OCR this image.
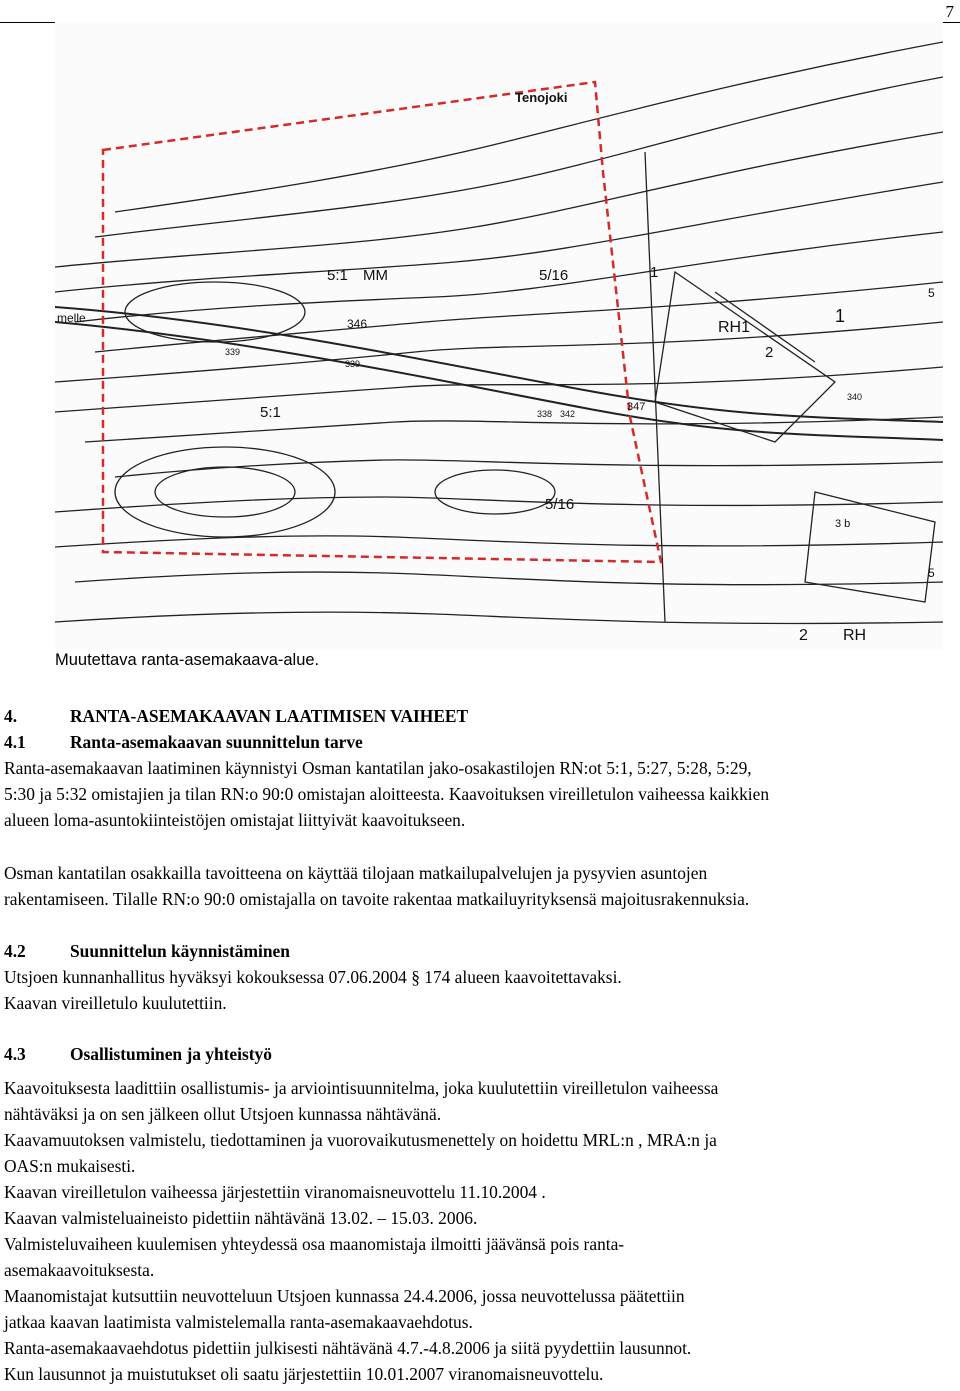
7
Tenojoki
melle
5:1 MM	5/16	1
5
RH1
346
339
339
338 342
347
340
5:1
5/16
2
3 b
1
2 RH
5
Muutettava ranta-asemakaava-alue.

4.	RANTA-ASEMAKAAVAN LAATIMISEN VAIHEET

4.1	Ranta-asemakaavan suunnittelun tarve

Ranta-asemakaavan laatiminen käynnistyi Osman kantatilan jako-osakastilojen RN:ot 5:1, 5:27, 5:28, 5:29,

5:30 ja 5:32 omistajien ja tilan RN:o 90:0 omistajan aloitteesta. Kaavoituksen vireilletulon vaiheessa kaikkien

alueen loma-asuntokiinteistöjen omistajat liittyivät kaavoitukseen.

Osman kantatilan osakkailla tavoitteena on käyttää tilojaan matkailupalvelujen ja pysyvien asuntojen

rakentamiseen. Tilalle RN:o 90:0 omistajalla on tavoite rakentaa matkailuyrityksensä majoitusrakennuksia.

4.2	Suunnittelun käynnistäminen

Utsjoen kunnanhallitus hyväksyi kokouksessa 07.06.2004 § 174 alueen kaavoitettavaksi.

Kaavan vireilletulo kuulutettiin.

4.3	Osallistuminen ja yhteistyö

Kaavoituksesta laadittiin osallistumis- ja arviointisuunnitelma, joka kuulutettiin vireilletulon vaiheessa

nähtäväksi ja on sen jälkeen ollut Utsjoen kunnassa nähtävänä.

Kaavamuutoksen valmistelu, tiedottaminen ja vuorovaikutusmenettely on hoidettu MRL:n , MRA:n ja

OAS:n mukaisesti.

Kaavan vireilletulon vaiheessa järjestettiin viranomaisneuvottelu 11.10.2004 .

Kaavan valmisteluaineisto pidettiin nähtävänä 13.02. – 15.03. 2006.

Valmisteluvaiheen kuulemisen yhteydessä osa maanomistaja ilmoitti jäävänsä pois ranta-

asemakaavoituksesta.

Maanomistajat kutsuttiin neuvotteluun Utsjoen kunnassa 24.4.2006, jossa neuvottelussa päätettiin

jatkaa kaavan laatimista valmistelemalla ranta-asemakaavaehdotus.

Ranta-asemakaavaehdotus pidettiin julkisesti nähtävänä 4.7.-4.8.2006 ja siitä pyydettiin lausunnot.

Kun lausunnot ja muistutukset oli saatu järjestettiin 10.01.2007 viranomaisneuvottelu.
